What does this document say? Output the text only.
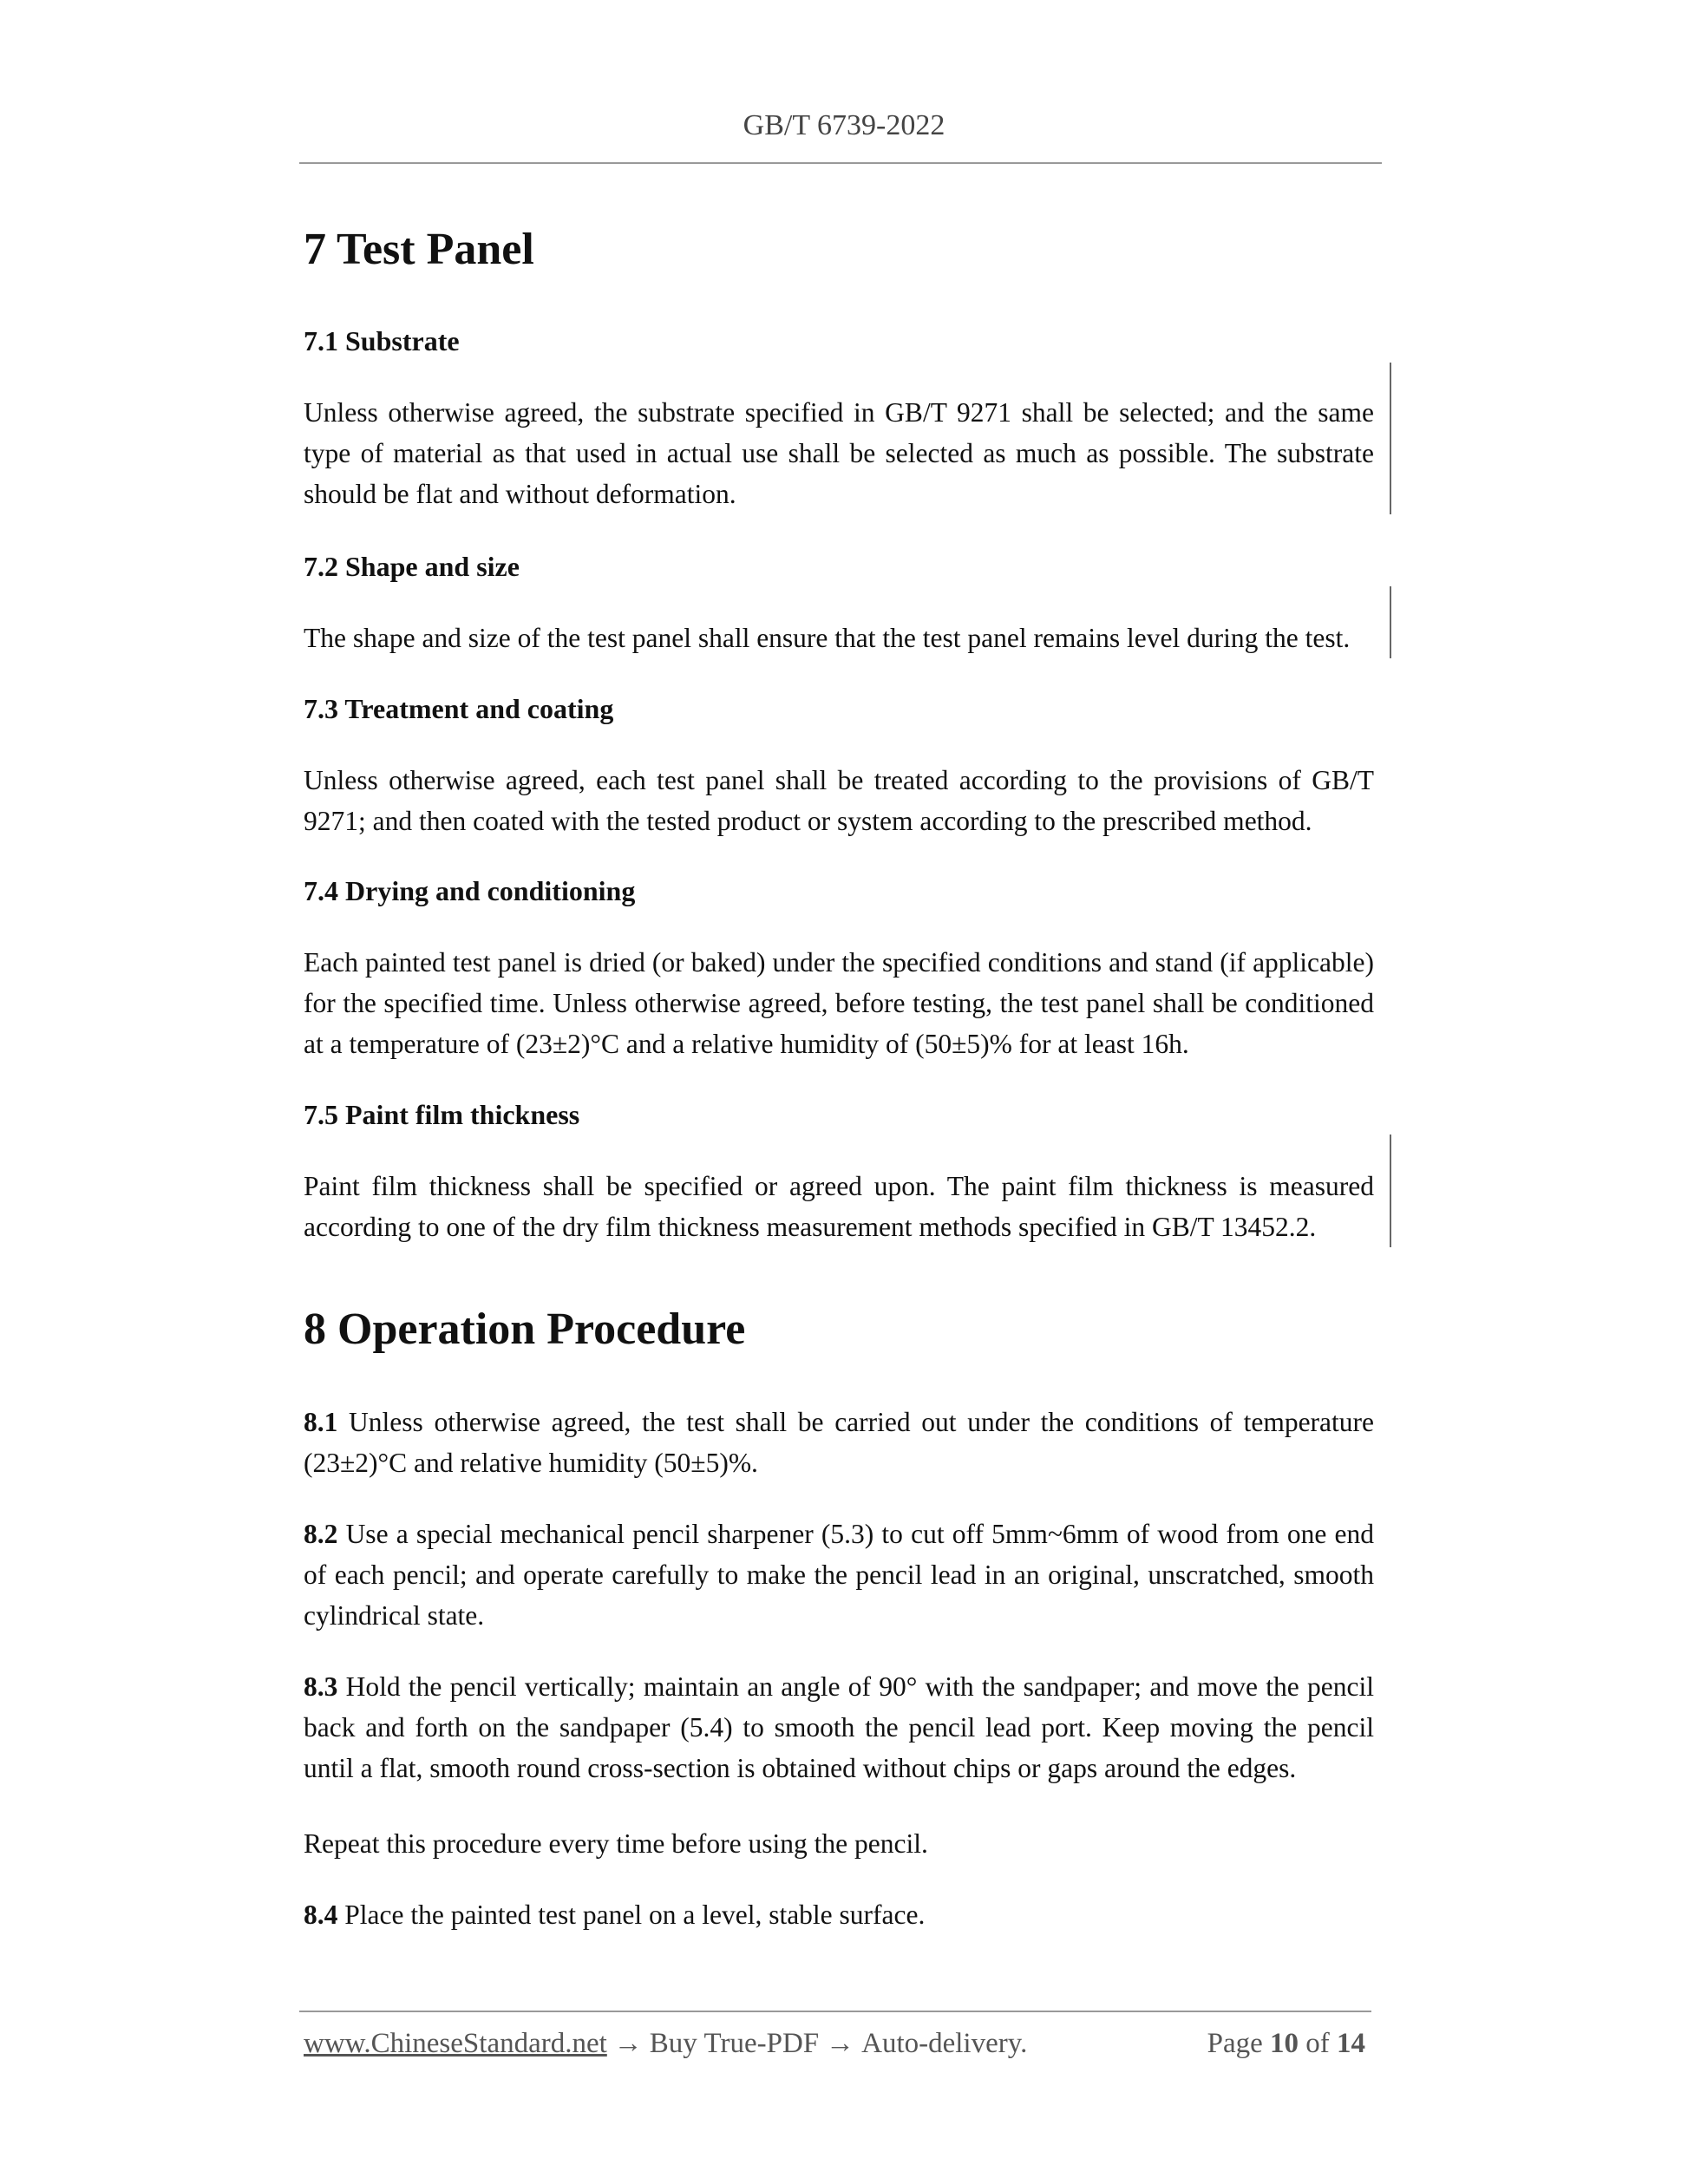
GB/T 6739-2022
7 Test Panel
7.1 Substrate

Unless otherwise agreed, the substrate specified in GB/T 9271 shall be selected; and the same type of material as that used in actual use shall be selected as much as possible. The substrate should be flat and without deformation.

7.2 Shape and size

The shape and size of the test panel shall ensure that the test panel remains level during the test.

7.3 Treatment and coating

Unless otherwise agreed, each test panel shall be treated according to the provisions of GB/T 9271; and then coated with the tested product or system according to the prescribed method.

7.4 Drying and conditioning

Each painted test panel is dried (or baked) under the specified conditions and stand (if applicable) for the specified time. Unless otherwise agreed, before testing, the test panel shall be conditioned at a temperature of (23±2)°C and a relative humidity of (50±5)% for at least 16h.

7.5 Paint film thickness

Paint film thickness shall be specified or agreed upon. The paint film thickness is measured according to one of the dry film thickness measurement methods specified in GB/T 13452.2.

8 Operation Procedure

8.1 Unless otherwise agreed, the test shall be carried out under the conditions of temperature (23±2)°C and relative humidity (50±5)%.

8.2 Use a special mechanical pencil sharpener (5.3) to cut off 5mm~6mm of wood from one end of each pencil; and operate carefully to make the pencil lead in an original, unscratched, smooth cylindrical state.

8.3 Hold the pencil vertically; maintain an angle of 90° with the sandpaper; and move the pencil back and forth on the sandpaper (5.4) to smooth the pencil lead port. Keep moving the pencil until a flat, smooth round cross-section is obtained without chips or gaps around the edges.

Repeat this procedure every time before using the pencil.

8.4 Place the painted test panel on a level, stable surface.

www.ChineseStandard.net → Buy True-PDF → Auto-delivery.	Page 10 of 14
